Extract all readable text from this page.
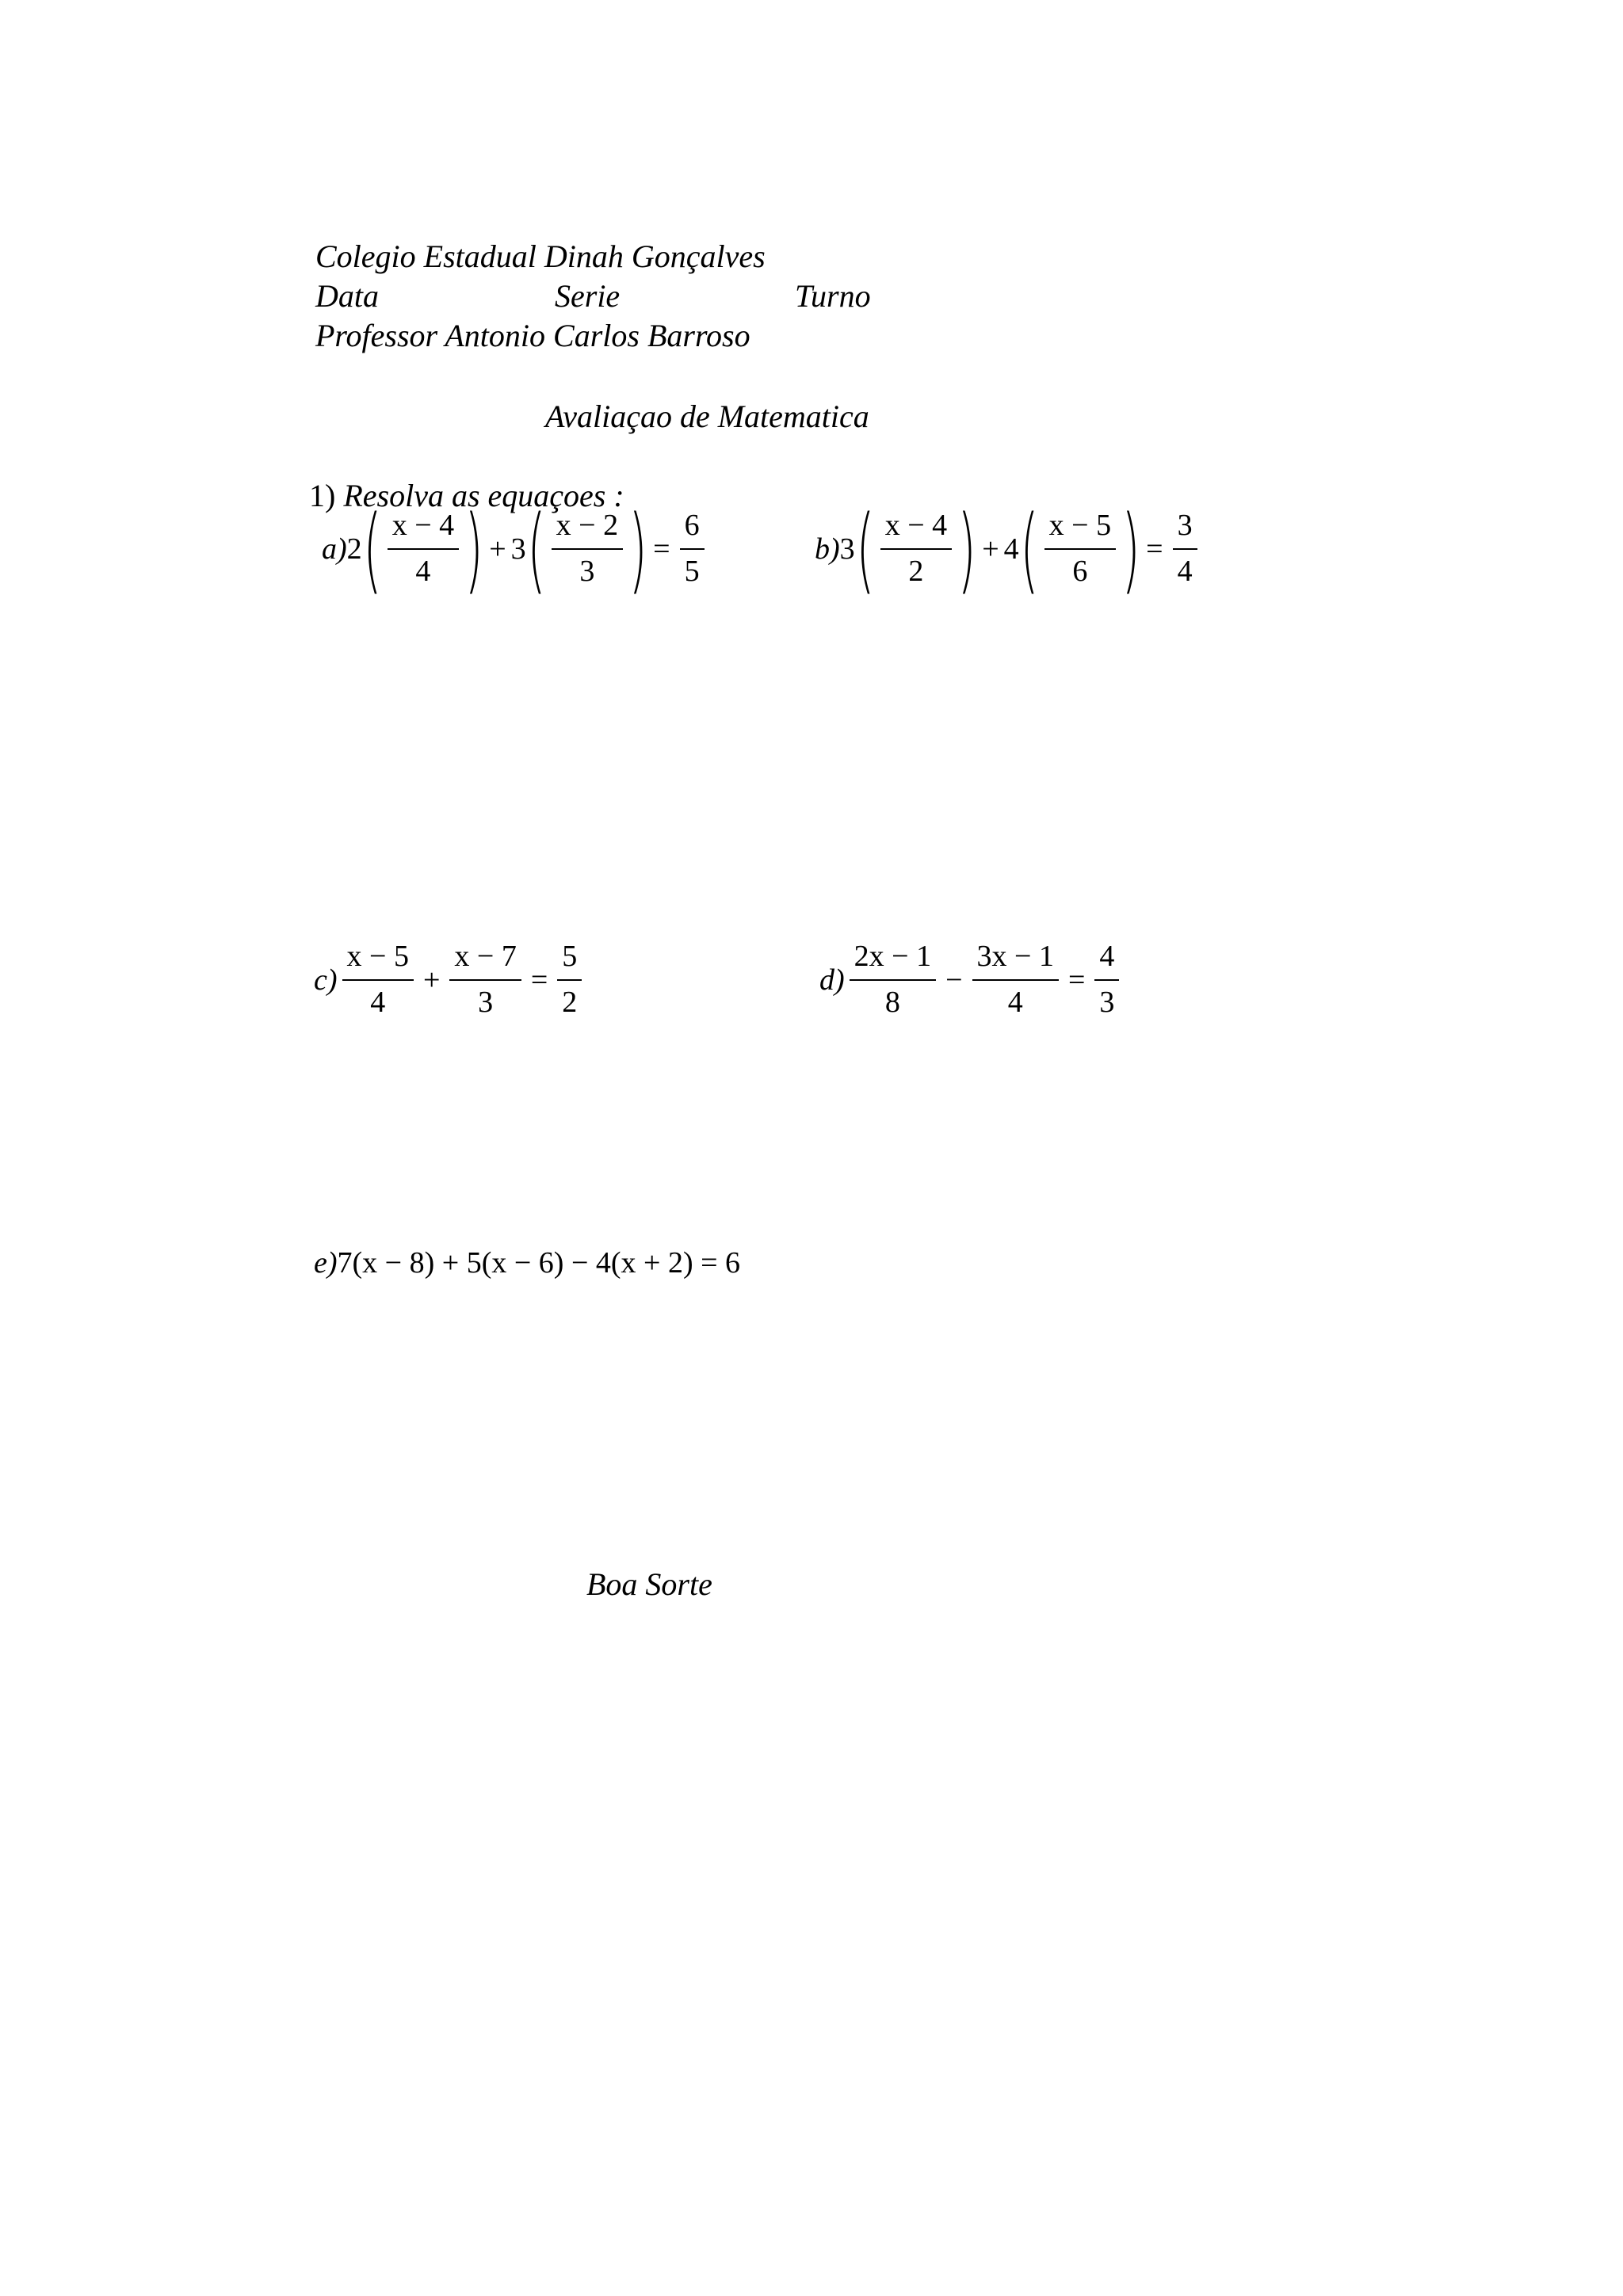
Colegio Estadual Dinah Gonçalves
Data	Serie	Turno
Professor Antonio Carlos Barroso
Avaliaçao de Matematica
1) Resolva as equaçoes :
a) 2 ( $\frac{x - 4}{4}$ ) + 3 ( $\frac{x - 2}{3}$ ) = $\frac{6}{5}$	b) 3 ( $\frac{x - 4}{2}$ ) + 4 ( $\frac{x - 5}{6}$ ) = $\frac{3}{4}$
$c) \frac{x - 5}{4} + \frac{x - 7}{3} = \frac{5}{2}$	$d) \frac{2x - 1}{8} - \frac{3x - 1}{4} = \frac{4}{3}$
e) 7(x − 8) + 5(x − 6) − 4(x + 2) = 6
Boa Sorte
